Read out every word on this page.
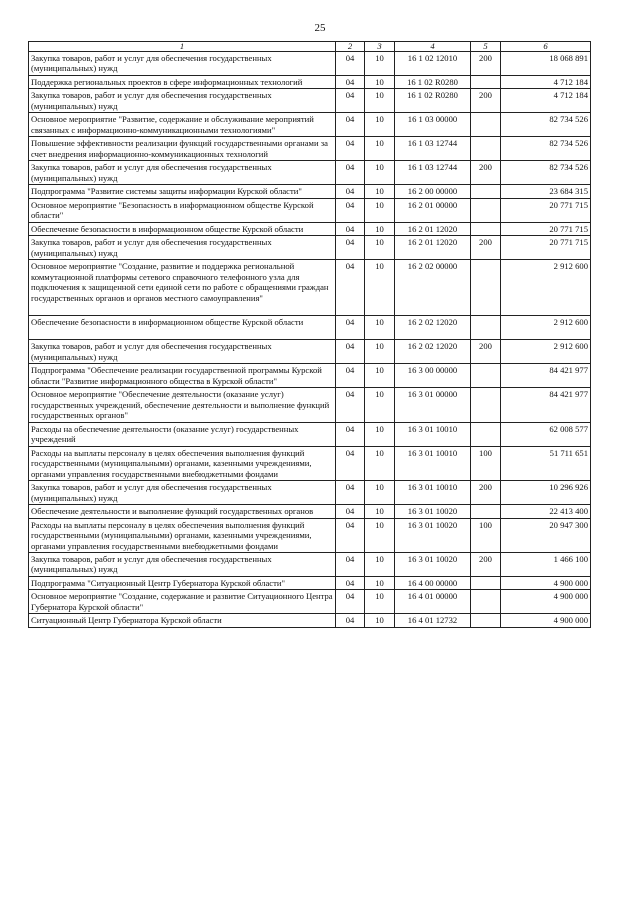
25
1	2	3	4	5	6
Закупка товаров, работ и услуг для обеспечения государственных (муниципальных) нужд	04	10	16 1 02 12010	200	18 068 891
Поддержка региональных проектов в сфере информационных технологий	04	10	16 1 02 R0280		4 712 184
Закупка товаров, работ и услуг для обеспечения государственных (муниципальных) нужд	04	10	16 1 02 R0280	200	4 712 184
Основное мероприятие "Развитие, содержание и обслуживание мероприятий связанных с информационно-коммуникационными технологиями"	04	10	16 1 03 00000		82 734 526
Повышение эффективности реализации функций государственными органами за счет внедрения информационно-коммуникационных технологий	04	10	16 1 03 12744		82 734 526
Закупка товаров, работ и услуг для обеспечения государственных (муниципальных) нужд	04	10	16 1 03 12744	200	82 734 526
Подпрограмма "Развитие системы защиты информации Курской области"	04	10	16 2 00 00000		23 684 315
Основное мероприятие "Безопасность в информационном обществе Курской области"	04	10	16 2 01 00000		20 771 715
Обеспечение безопасности в информационном обществе Курской области	04	10	16 2 01 12020		20 771 715
Закупка товаров, работ и услуг для обеспечения государственных (муниципальных) нужд	04	10	16 2 01 12020	200	20 771 715
Основное мероприятие "Создание, развитие и поддержка региональной коммутационной платформы сетевого справочного телефонного узла для подключения к защищенной сети единой сети по работе с обращениями граждан государственных органов и органов местного самоуправления"	04	10	16 2 02 00000		2 912 600
Обеспечение безопасности в информационном обществе Курской области	04	10	16 2 02 12020		2 912 600
Закупка товаров, работ и услуг для обеспечения государственных (муниципальных) нужд	04	10	16 2 02 12020	200	2 912 600
Подпрограмма "Обеспечение реализации государственной программы Курской области "Развитие информационного общества в Курской области"	04	10	16 3 00 00000		84 421 977
Основное мероприятие "Обеспечение деятельности (оказание услуг) государственных учреждений, обеспечение деятельности и выполнение функций государственных органов"	04	10	16 3 01 00000		84 421 977
Расходы на обеспечение деятельности (оказание услуг) государственных учреждений	04	10	16 3 01 10010		62 008 577
Расходы на выплаты персоналу в целях обеспечения выполнения функций государственными (муниципальными) органами, казенными учреждениями, органами управления государственными внебюджетными фондами	04	10	16 3 01 10010	100	51 711 651
Закупка товаров, работ и услуг для обеспечения государственных (муниципальных) нужд	04	10	16 3 01 10010	200	10 296 926
Обеспечение деятельности и выполнение функций государственных органов	04	10	16 3 01 10020		22 413 400
Расходы на выплаты персоналу в целях обеспечения выполнения функций государственными (муниципальными) органами, казенными учреждениями, органами управления государственными внебюджетными фондами	04	10	16 3 01 10020	100	20 947 300
Закупка товаров, работ и услуг для обеспечения государственных (муниципальных) нужд	04	10	16 3 01 10020	200	1 466 100
Подпрограмма "Ситуационный Центр Губернатора Курской области"	04	10	16 4 00 00000		4 900 000
Основное мероприятие "Создание, содержание и развитие Ситуационного Центра Губернатора Курской области"	04	10	16 4 01 00000		4 900 000
Ситуационный Центр Губернатора Курской области	04	10	16 4 01 12732		4 900 000
